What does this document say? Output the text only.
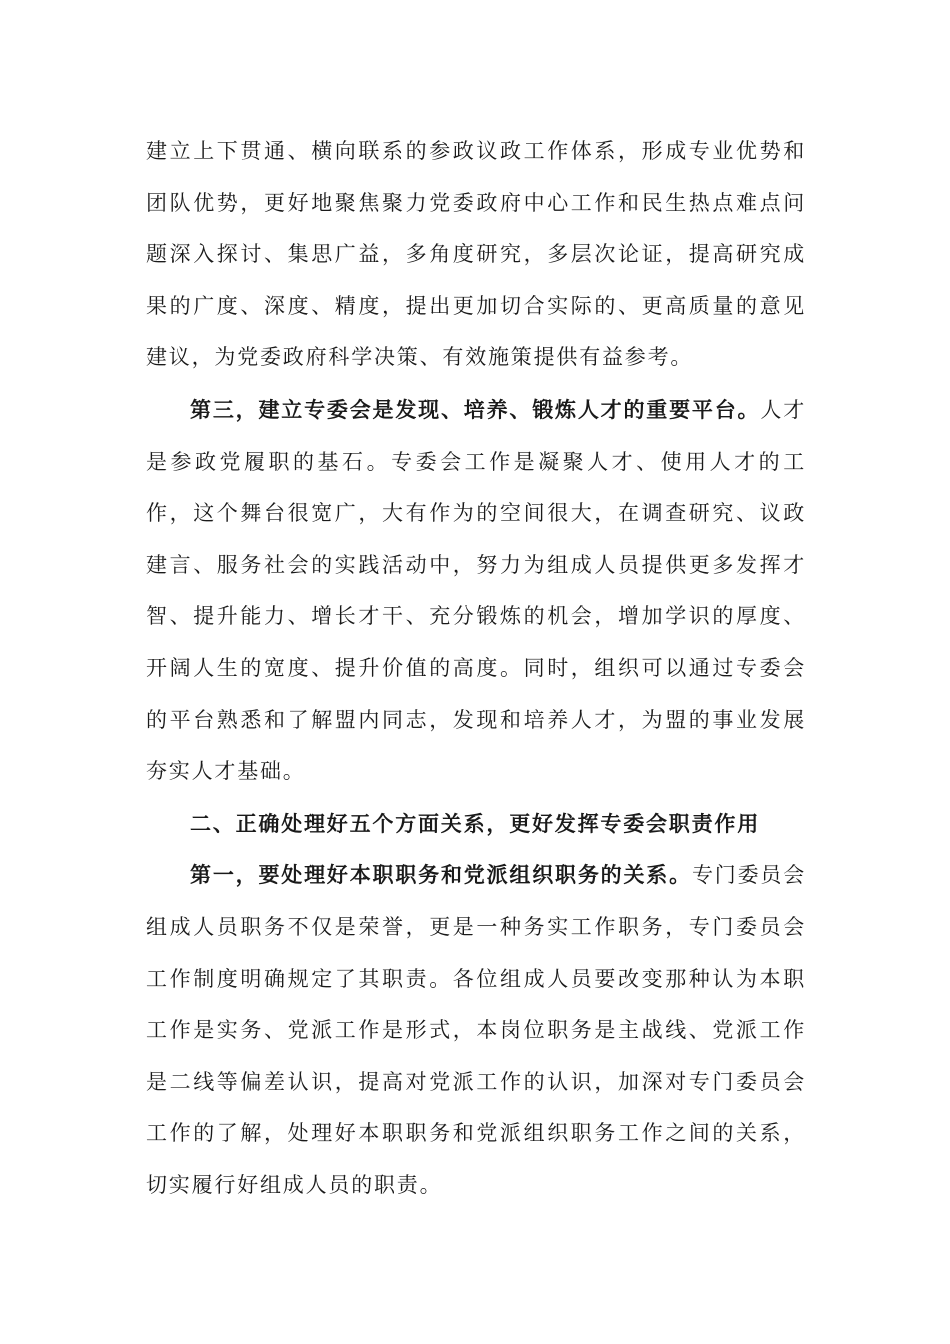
建立上下贯通、横向联系的参政议政工作体系，形成专业优势和团队优势，更好地聚焦聚力党委政府中心工作和民生热点难点问题深入探讨、集思广益，多角度研究，多层次论证，提高研究成果的广度、深度、精度，提出更加切合实际的、更高质量的意见建议，为党委政府科学决策、有效施策提供有益参考。

第三，建立专委会是发现、培养、锻炼人才的重要平台。人才是参政党履职的基石。专委会工作是凝聚人才、使用人才的工作，这个舞台很宽广，大有作为的空间很大，在调查研究、议政建言、服务社会的实践活动中，努力为组成人员提供更多发挥才智、提升能力、增长才干、充分锻炼的机会，增加学识的厚度、开阔人生的宽度、提升价值的高度。同时，组织可以通过专委会的平台熟悉和了解盟内同志，发现和培养人才，为盟的事业发展夯实人才基础。

二、正确处理好五个方面关系，更好发挥专委会职责作用

第一，要处理好本职职务和党派组织职务的关系。专门委员会组成人员职务不仅是荣誉，更是一种务实工作职务，专门委员会工作制度明确规定了其职责。各位组成人员要改变那种认为本职工作是实务、党派工作是形式，本岗位职务是主战线、党派工作是二线等偏差认识，提高对党派工作的认识，加深对专门委员会工作的了解，处理好本职职务和党派组织职务工作之间的关系，切实履行好组成人员的职责。
